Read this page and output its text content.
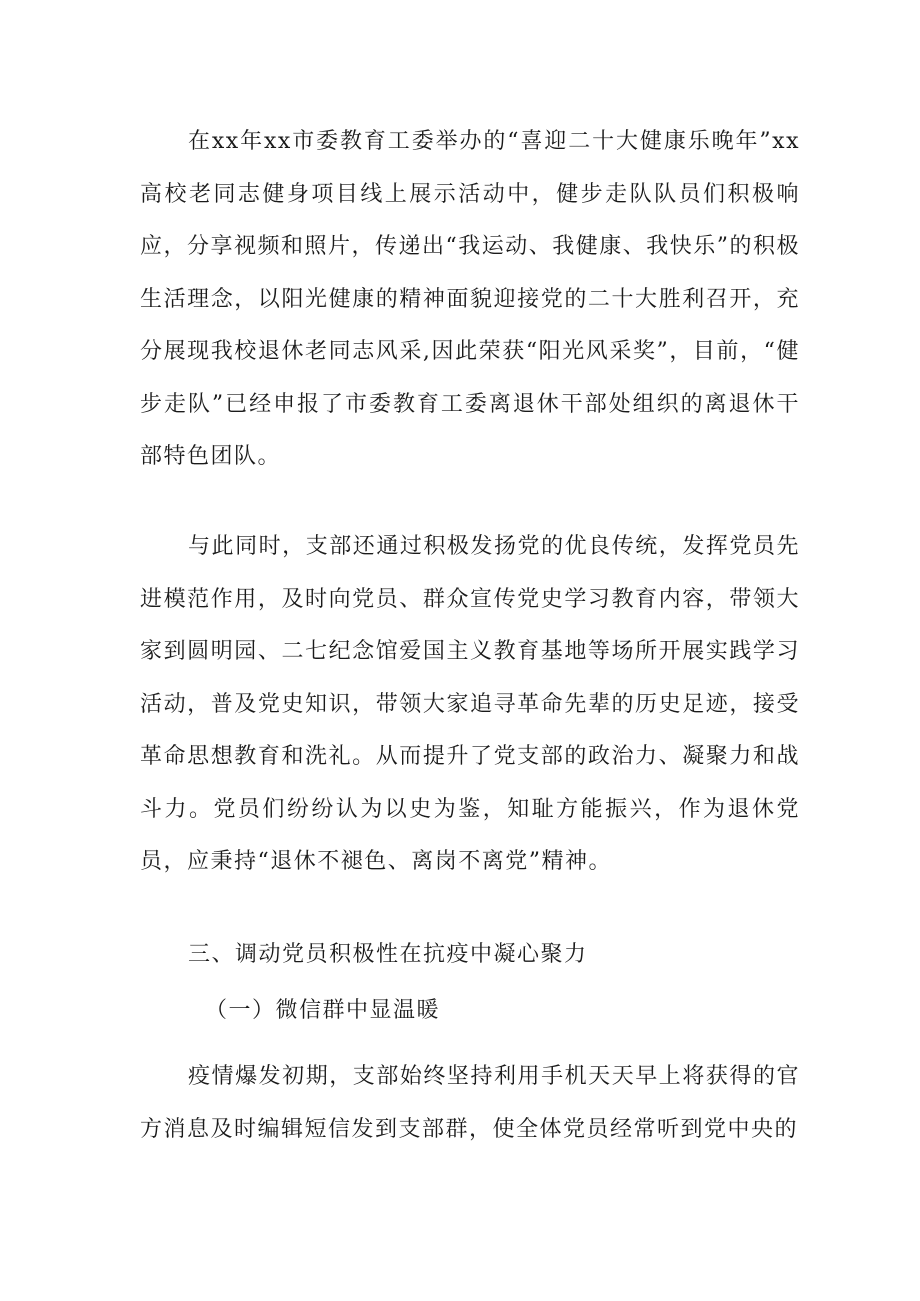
在xx年xx市委教育工委举办的“喜迎二十大健康乐晚年”xx高校老同志健身项目线上展示活动中，健步走队队员们积极响应，分享视频和照片，传递出“我运动、我健康、我快乐”的积极生活理念，以阳光健康的精神面貌迎接党的二十大胜利召开，充分展现我校退休老同志风采,因此荣获“阳光风采奖”，目前，“健步走队”已经申报了市委教育工委离退休干部处组织的离退休干部特色团队。

与此同时，支部还通过积极发扬党的优良传统，发挥党员先进模范作用，及时向党员、群众宣传党史学习教育内容，带领大家到圆明园、二七纪念馆爱国主义教育基地等场所开展实践学习活动，普及党史知识，带领大家追寻革命先辈的历史足迹，接受革命思想教育和洗礼。从而提升了党支部的政治力、凝聚力和战斗力。党员们纷纷认为以史为鉴，知耻方能振兴，作为退休党员，应秉持“退休不褪色、离岗不离党”精神。

三、调动党员积极性在抗疫中凝心聚力

（一）微信群中显温暖

疫情爆发初期，支部始终坚持利用手机天天早上将获得的官方消息及时编辑短信发到支部群，使全体党员经常听到党中央的
